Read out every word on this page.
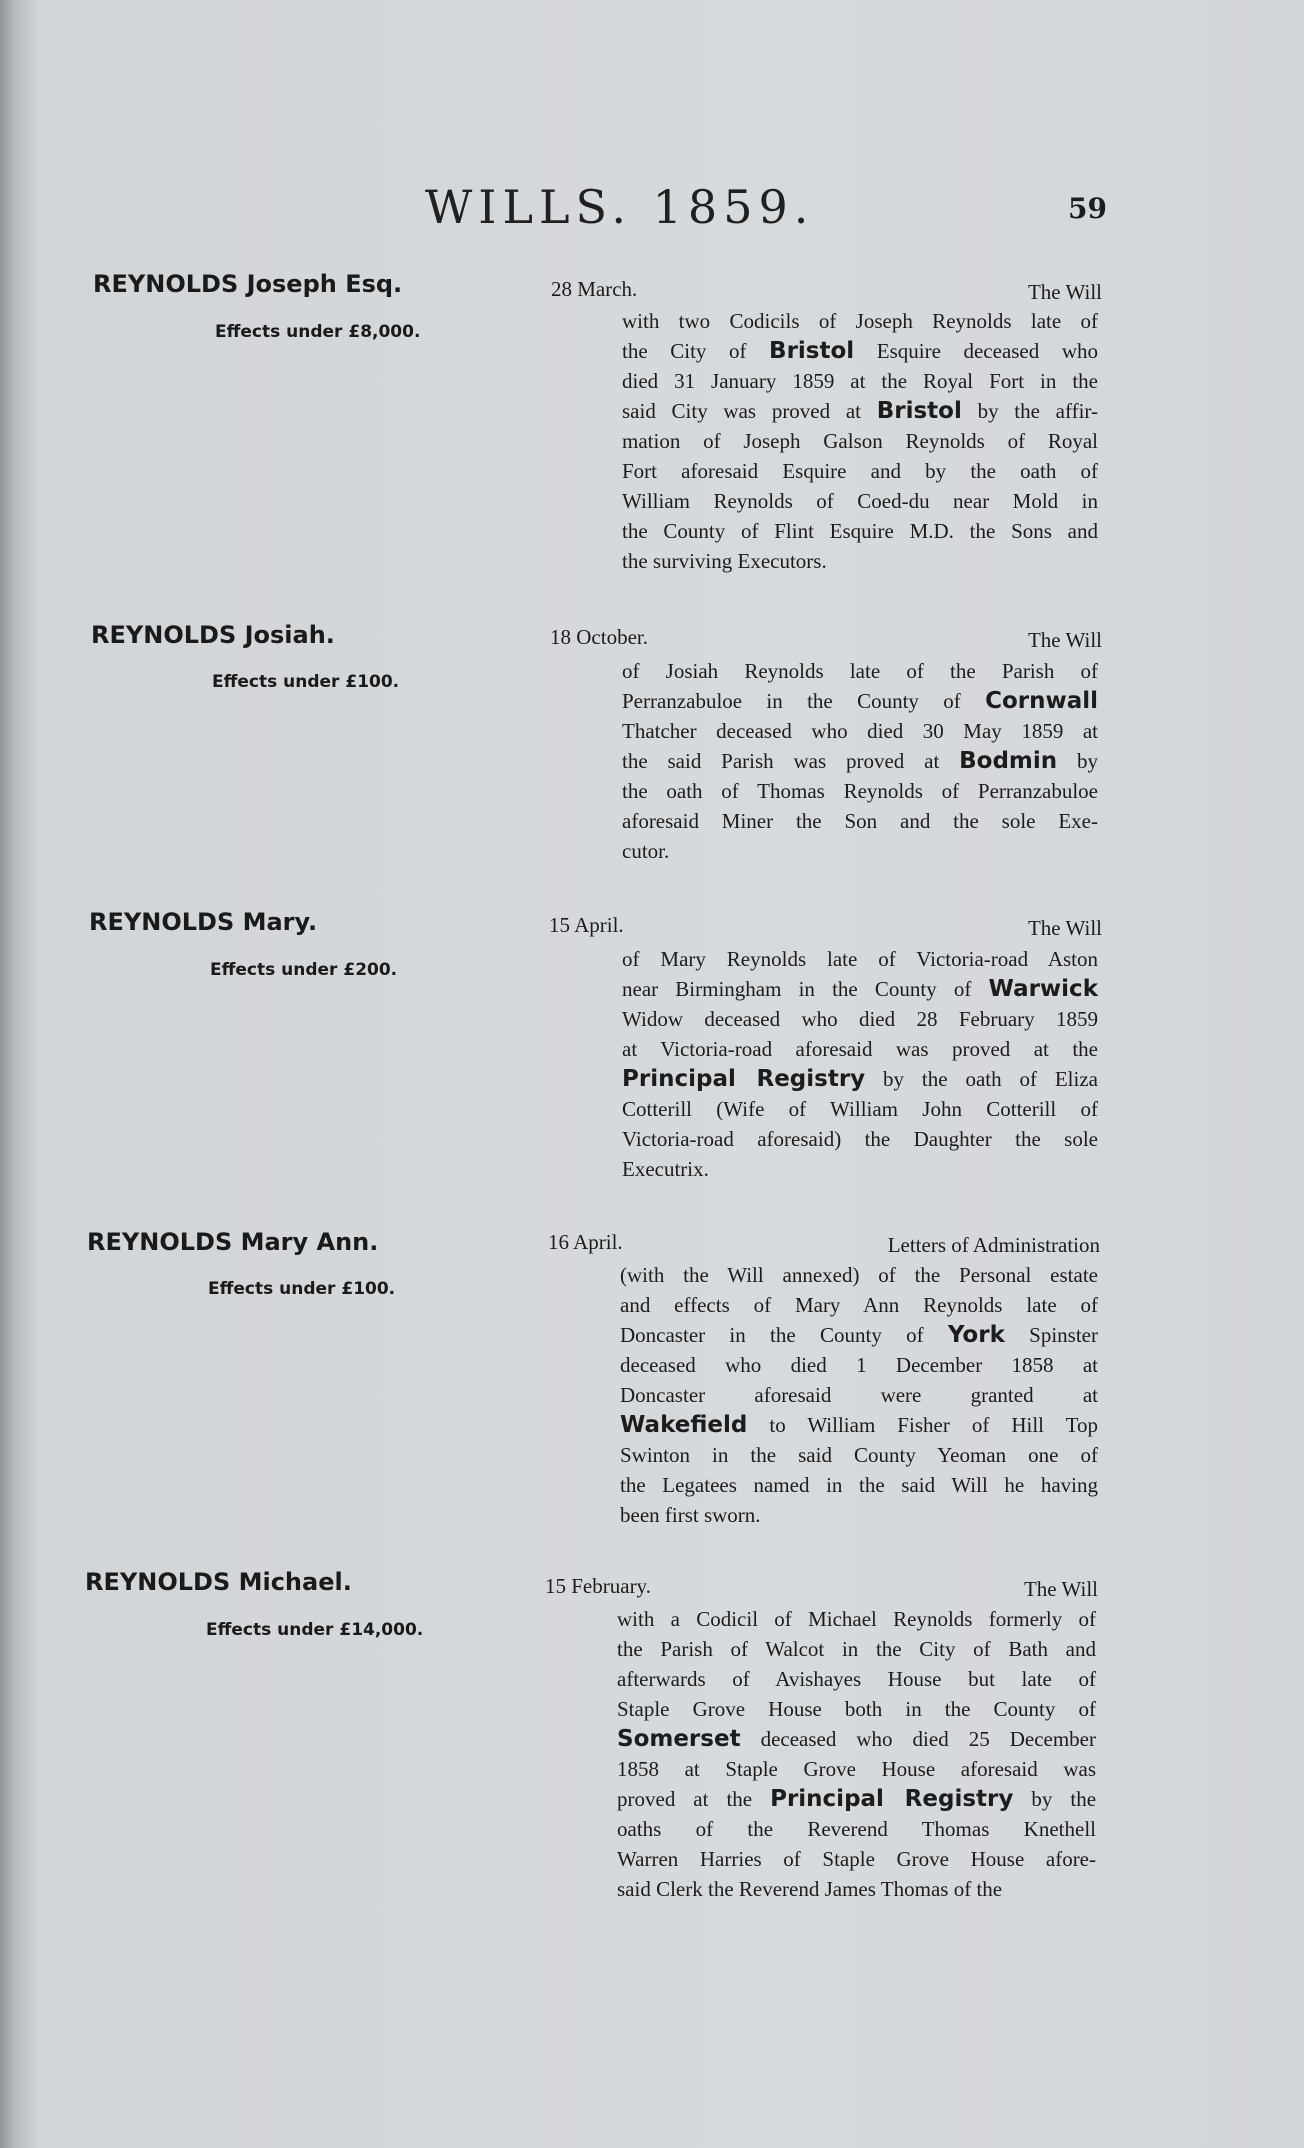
WILLS. 1859.	59
REYNOLDS Joseph Esq.
Effects under £8,000.
28 March.	The Will
with two Codicils of Joseph Reynolds late of
the City of Bristol Esquire deceased who
died 31 January 1859 at the Royal Fort in the
said City was proved at Bristol by the affir-
mation of Joseph Galson Reynolds of Royal
Fort aforesaid Esquire and by the oath of
William Reynolds of Coed-du near Mold in
the County of Flint Esquire M.D. the Sons and
the surviving Executors.
REYNOLDS Josiah.
Effects under £100.
18 October.	The Will
of Josiah Reynolds late of the Parish of
Perranzabuloe in the County of Cornwall
Thatcher deceased who died 30 May 1859 at
the said Parish was proved at Bodmin by
the oath of Thomas Reynolds of Perranzabuloe
aforesaid Miner the Son and the sole Exe-
cutor.
REYNOLDS Mary.
Effects under £200.
15 April.	The Will
of Mary Reynolds late of Victoria-road Aston
near Birmingham in the County of Warwick
Widow deceased who died 28 February 1859
at Victoria-road aforesaid was proved at the
Principal Registry by the oath of Eliza
Cotterill (Wife of William John Cotterill of
Victoria-road aforesaid) the Daughter the sole
Executrix.
REYNOLDS Mary Ann.
Effects under £100.
16 April.	Letters of Administration
(with the Will annexed) of the Personal estate
and effects of Mary Ann Reynolds late of
Doncaster in the County of York Spinster
deceased who died 1 December 1858 at
Doncaster aforesaid were granted at
Wakefield to William Fisher of Hill Top
Swinton in the said County Yeoman one of
the Legatees named in the said Will he having
been first sworn.
REYNOLDS Michael.
Effects under £14,000.
15 February.	The Will
with a Codicil of Michael Reynolds formerly of
the Parish of Walcot in the City of Bath and
afterwards of Avishayes House but late of
Staple Grove House both in the County of
Somerset deceased who died 25 December
1858 at Staple Grove House aforesaid was
proved at the Principal Registry by the
oaths of the Reverend Thomas Knethell
Warren Harries of Staple Grove House afore-
said Clerk the Reverend James Thomas of the
